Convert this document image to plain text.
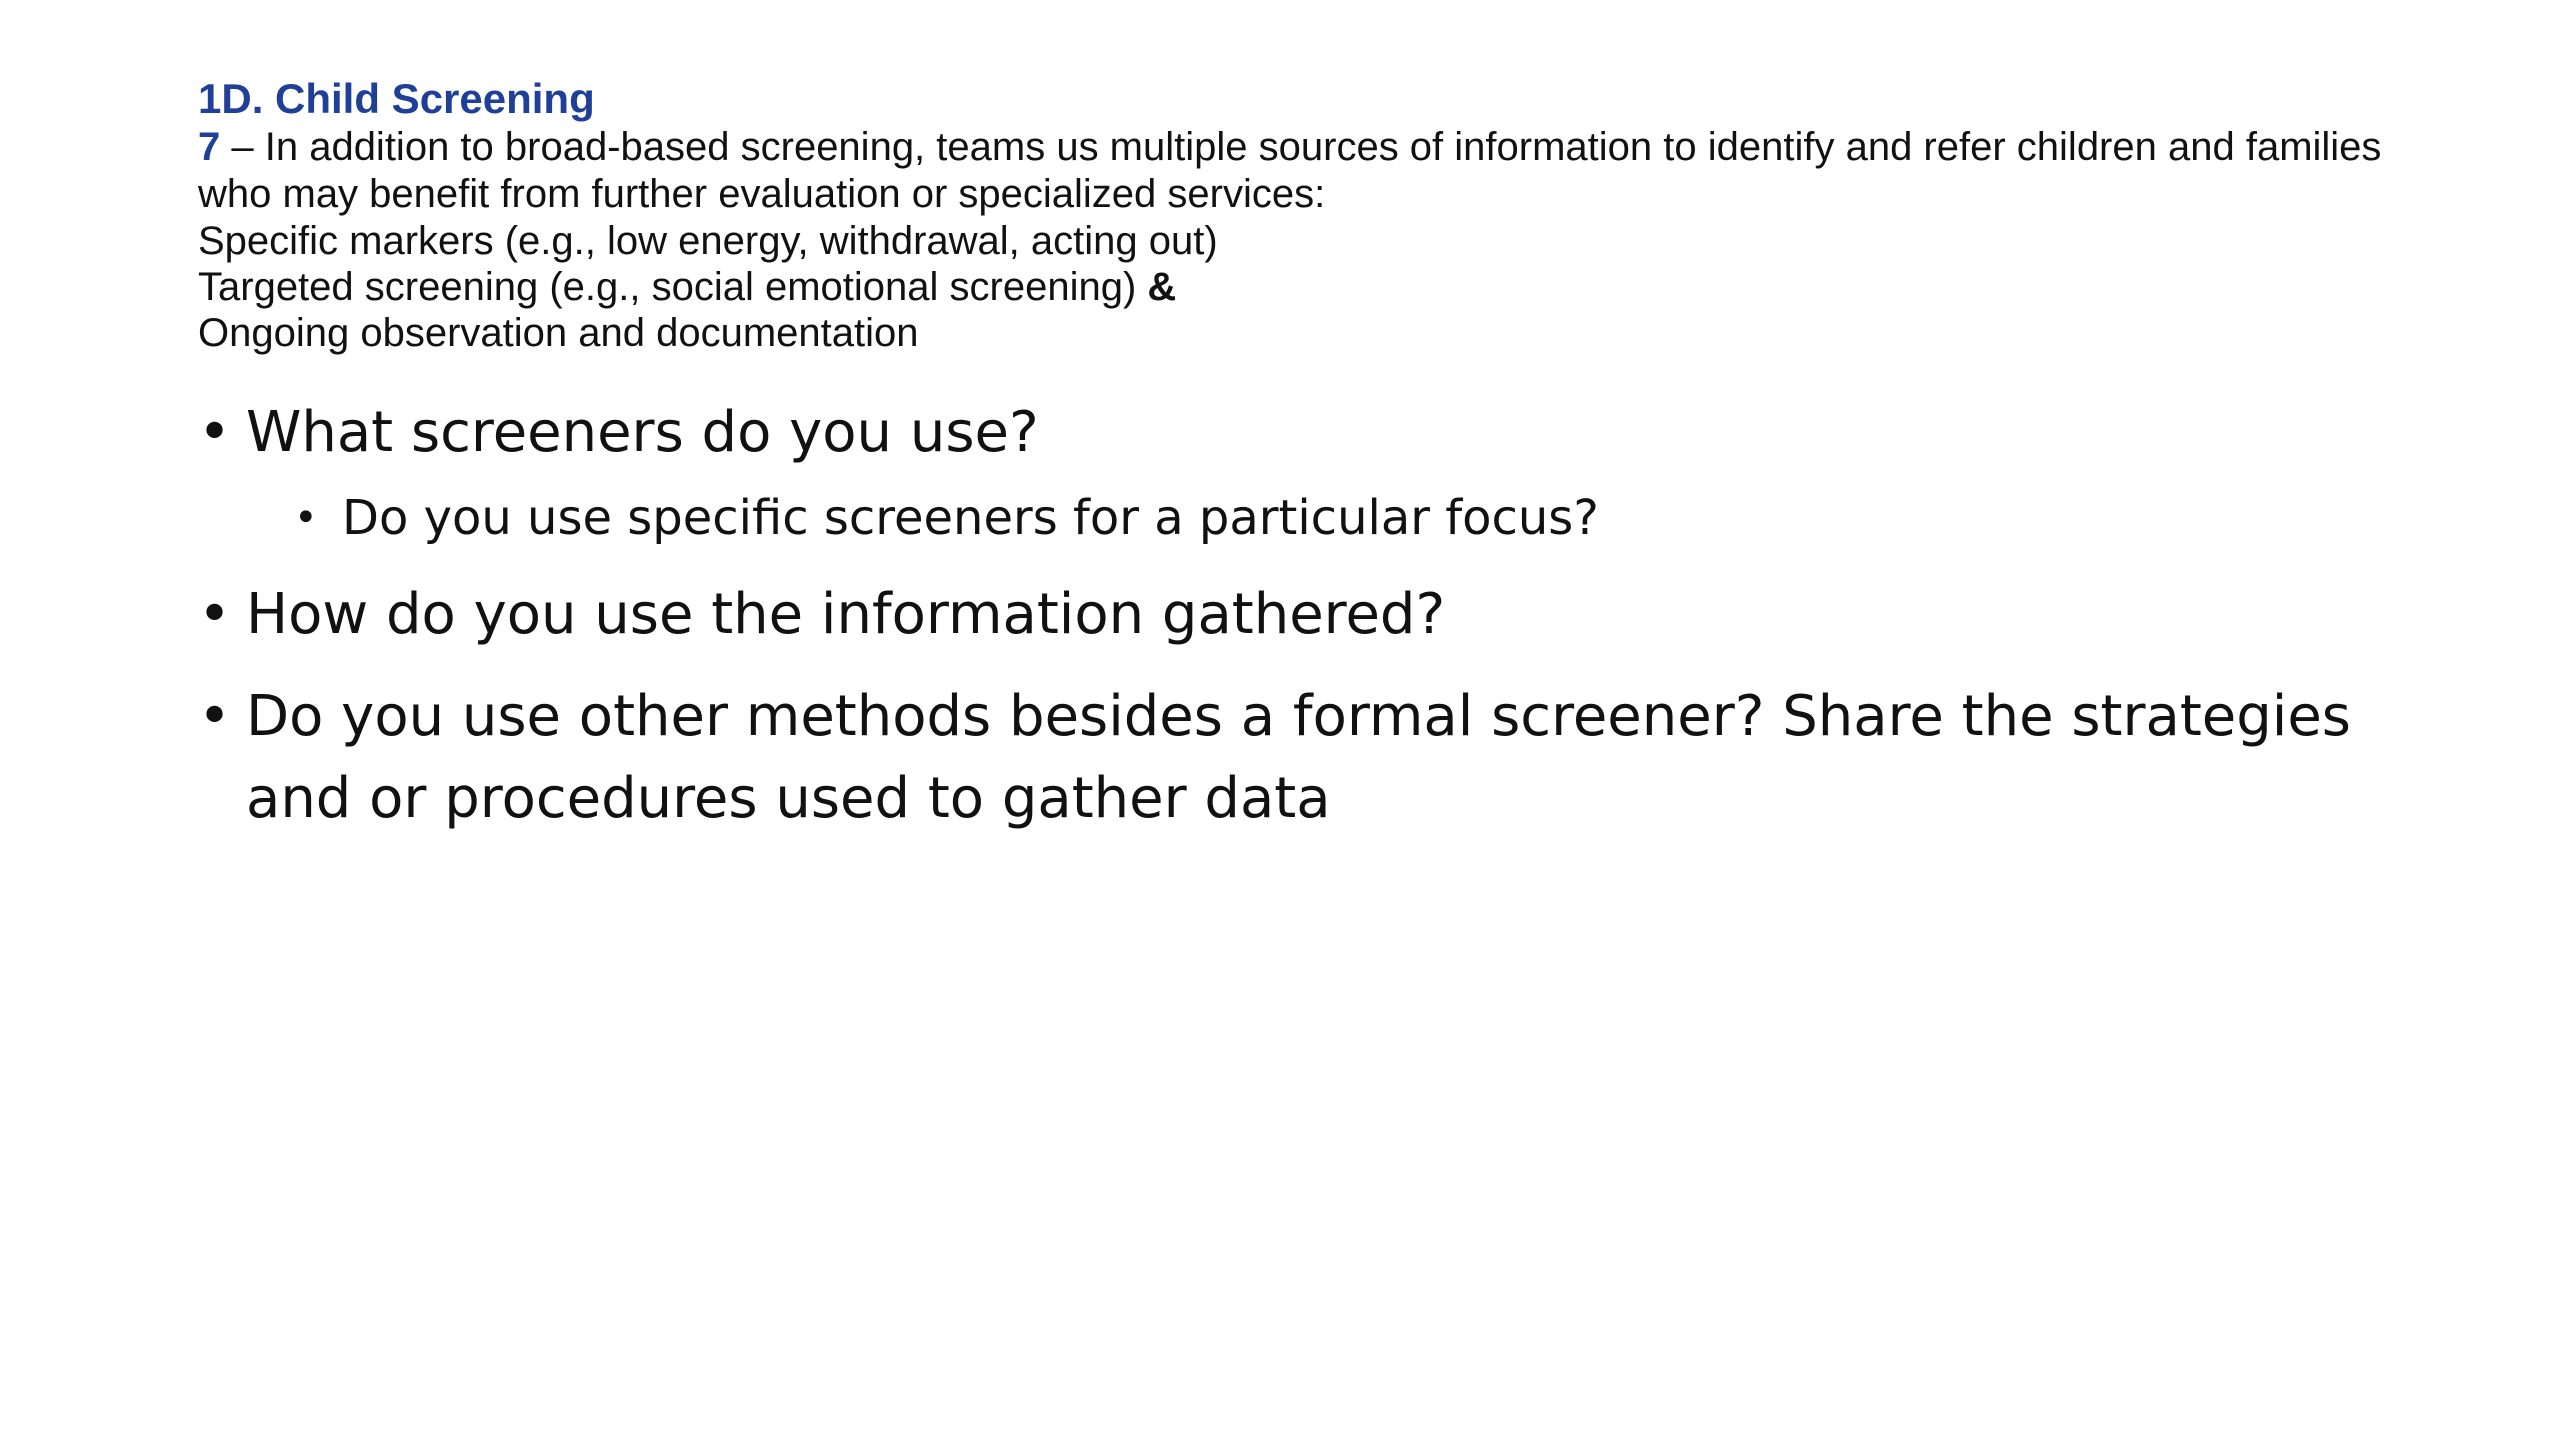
1D. Child Screening

7 – In addition to broad-based screening, teams us multiple sources of information to identify and refer children and families who may benefit from further evaluation or specialized services:

Specific markers (e.g., low energy, withdrawal, acting out)

Targeted screening (e.g., social emotional screening) &

Ongoing observation and documentation

• What screeners do you use?
• Do you use specific screeners for a particular focus?
• How do you use the information gathered?
• Do you use other methods besides a formal screener? Share the strategies and or procedures used to gather data
